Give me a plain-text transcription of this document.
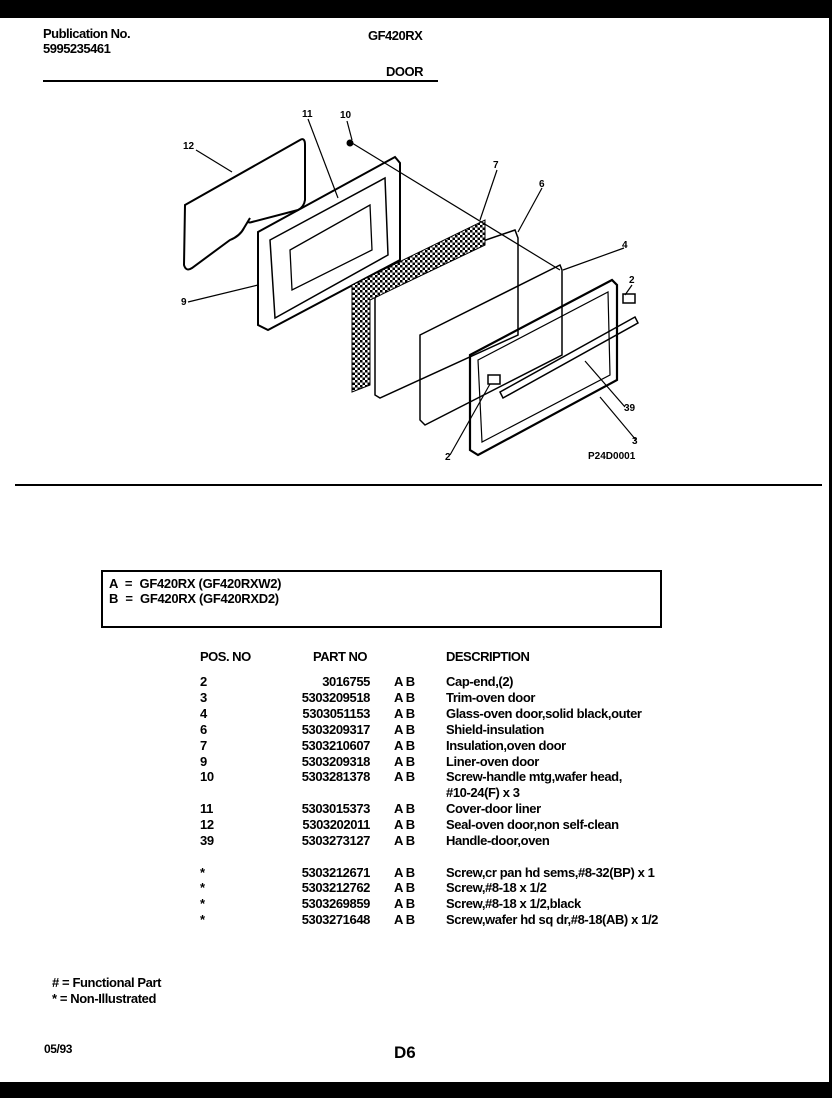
Publication No.
5995235461
GF420RX
DOOR
12
11	10
7
6
4
2
9
39
3
2	P24D0001
A = GF420RX (GF420RXW2)
B = GF420RX (GF420RXD2)
POS. NO	PART NO	DESCRIPTION
2	3016755 A B Cap-end,(2)
3	5303209518 A B Trim-oven door
4	5303051153 A B Glass-oven door,solid black,outer
6	5303209317 A B Shield-insulation
7	5303210607 A B Insulation,oven door
9	5303209318 A B Liner-oven door
10	5303281378 A B Screw-handle mtg,wafer head,
#10-24(F) x 3
11	5303015373 A B Cover-door liner
12	5303202011 A B Seal-oven door,non self-clean
39	5303273127 A B Handle-door,oven
*	5303212671 A B Screw,cr pan hd sems,#8-32(BP) x 1
*	5303212762 A B Screw,#8-18 x 1/2
*	5303269859 A B Screw,#8-18 x 1/2,black
*	5303271648 A B Screw,wafer hd sq dr,#8-18(AB) x 1/2
# = Functional Part
* = Non-Illustrated
05/93	D6
